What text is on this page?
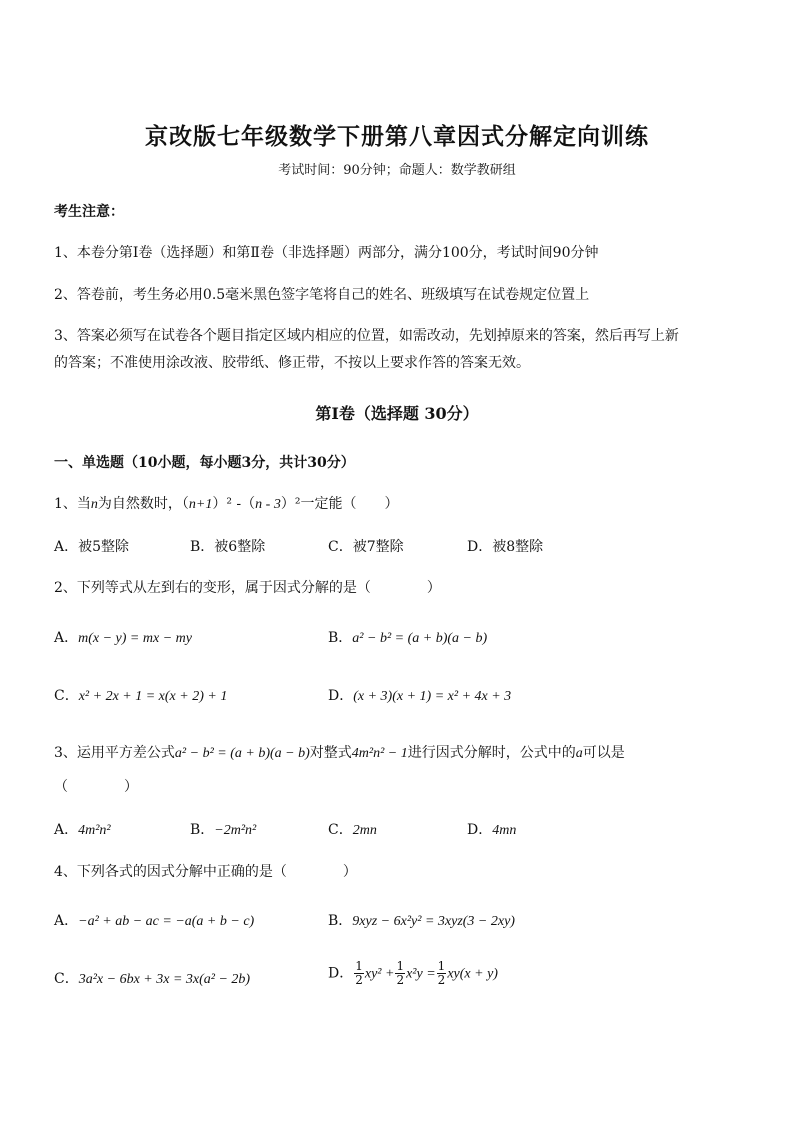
京改版七年级数学下册第八章因式分解定向训练
考试时间：90分钟；命题人：数学教研组
考生注意：
1、本卷分第Ⅰ卷（选择题）和第Ⅱ卷（非选择题）两部分，满分100分，考试时间90分钟
2、答卷前，考生务必用0.5毫米黑色签字笔将自己的姓名、班级填写在试卷规定位置上
3、答案必须写在试卷各个题目指定区域内相应的位置，如需改动，先划掉原来的答案，然后再写上新
的答案；不准使用涂改液、胶带纸、修正带，不按以上要求作答的答案无效。
第Ⅰ卷（选择题 30分）
一、单选题（10小题，每小题3分，共计30分）
1、当n为自然数时，（n+1）² -（n - 3）²一定能（　　）
A．被5整除	B．被6整除	C．被7整除	D．被8整除
2、下列等式从左到右的变形，属于因式分解的是（　　　　）
A．m(x − y) = mx − my	B．a² − b² = (a + b)(a − b)
C．x² + 2x + 1 = x(x + 2) + 1	D．(x + 3)(x + 1) = x² + 4x + 3
3、运用平方差公式a² − b² = (a + b)(a − b)对整式4m²n² − 1进行因式分解时，公式中的a可以是
（　　　　）
A．4m²n²	B．−2m²n²	C．2mn	D．4mn
4、下列各式的因式分解中正确的是（　　　　）
A．−a² + ab − ac = −a(a + b − c)	B．9xyz − 6x²y² = 3xyz(3 − 2xy)
C．3a²x − 6bx + 3x = 3x(a² − 2b)	D． $\frac{1}{2} xy^2 + \frac{1}{2} x^2y = \frac{1}{2} xy(x + y)$
